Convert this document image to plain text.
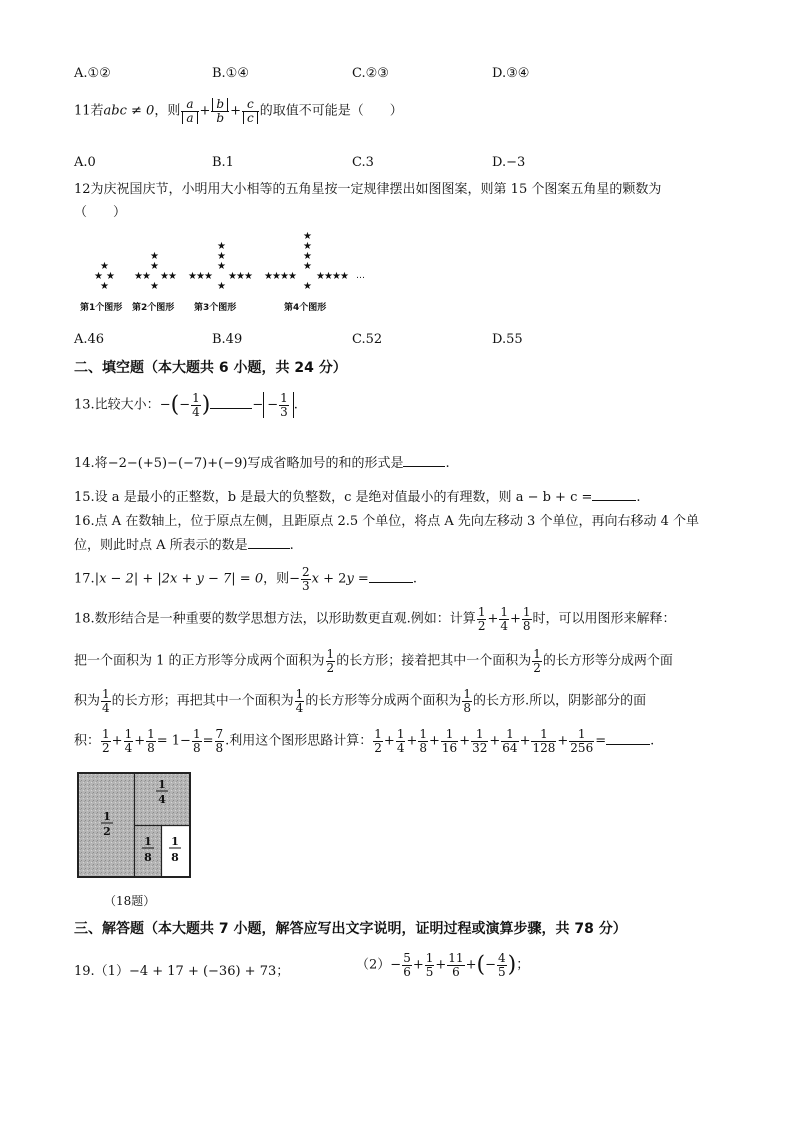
A.①②	B.①④	C.②③	D.③④
11若abc ≠ 0，则 $\frac{a}{a} + \frac{b}{b} + \frac{c}{c}$ 的取值不可能是（　　）
A.0	B.1	C.3	D.−3
12为庆祝国庆节，小明用大小相等的五角星按一定规律摆出如图图案，则第 15 个图案五角星的颗数为
（　　）
★
★
★
★
★ ★
★
★
★ ★
★
★ ★ ★
★
★
★
★ ★ ★
★
★ ★ ★ ★
★
★
★
★
★ ★ ★ ★
★
…
第1个图形 第2个图形 第3个图形	第4个图形
A.46	B.49	C.52	D.55
二、填空题（本大题共 6 小题，共 24 分）
13.比较大小：−(− $\frac{1}{4}$ )	− − $\frac{1}{3}$ .
14.将−2−(+5)−(−7)+(−9)写成省略加号的和的形式是	.
15.设 a 是最小的正整数，b 是最大的负整数，c 是绝对值最小的有理数，则 a − b + c =	.
16.点 A 在数轴上，位于原点左侧，且距原点 2.5 个单位，将点 A 先向左移动 3 个单位，再向右移动 4 个单
位，则此时点 A 所表示的数是	.
17.|x − 2| + |2x + y − 7| = 0，则− $\frac{2}{3}$ x + 2y =	.
18.数形结合是一种重要的数学思想方法，以形助数更直观.例如：计算 $\frac{1}{2} + \frac{1}{4} + \frac{1}{8}$ 时，可以用图形来解释：
把一个面积为 1 的正方形等分成两个面积为 $\frac{1}{2}$ 的长方形；接着把其中一个面积为 $\frac{1}{2}$ 的长方形等分成两个面
积为 $\frac{1}{4}$ 的长方形；再把其中一个面积为 $\frac{1}{4}$ 的长方形等分成两个面积为 $\frac{1}{8}$ 的长方形.所以，阴影部分的面
积： $\frac{1}{2} + \frac{1}{4} + \frac{1}{8} = 1- \frac{1}{8} = \frac{7}{8}$ .利用这个图形思路计算： $\frac{1}{2} + \frac{1}{4} + \frac{1}{8} + \frac{1}{16} + \frac{1}{32} + \frac{1}{64} + \frac{1}{128} + \frac{1}{256}$ =	.
1
2
1
4
1
8
1
8
（18题）
三、解答题（本大题共 7 小题，解答应写出文字说明，证明过程或演算步骤，共 78 分）
19.（1）−4 + 17 + (−36) + 73；	$(2)- \frac{5}{6} + \frac{1}{5} + \frac{11}{6}$ +(− $\frac{4}{5}$ )；
